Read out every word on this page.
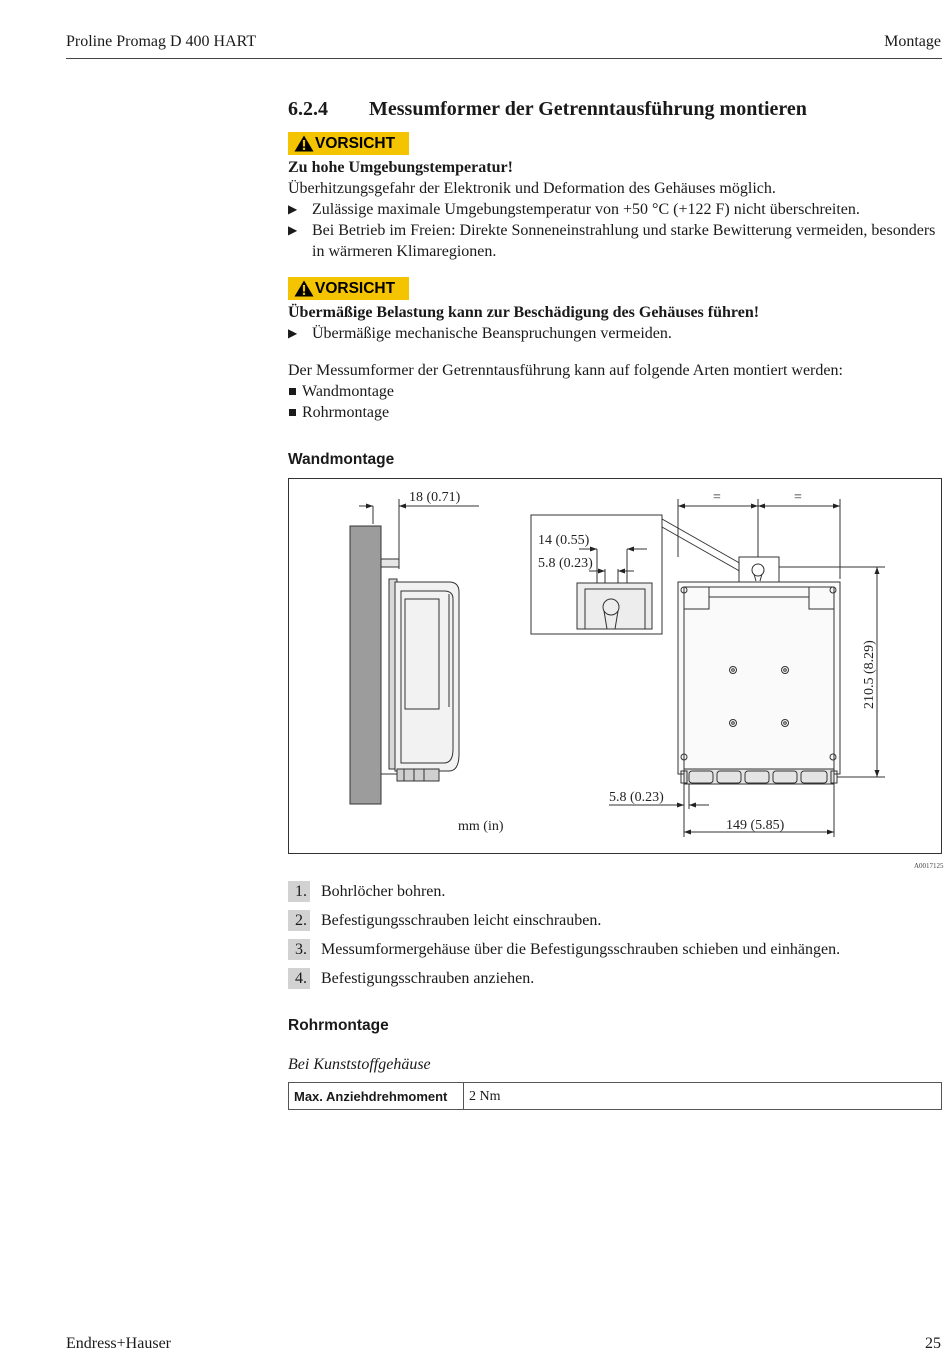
Proline Promag D 400 HART	Montage
6.2.4 Messumformer der Getrenntausführung montieren
VORSICHT
Zu hohe Umgebungstemperatur!
Überhitzungsgefahr der Elektronik und Deformation des Gehäuses möglich.
▶ Zulässige maximale Umgebungstemperatur von +50 °C (+122 F) nicht überschreiten.
▶ Bei Betrieb im Freien: Direkte Sonneneinstrahlung und starke Bewitterung vermeiden, besonders in wärmeren Klimaregionen.
VORSICHT
Übermäßige Belastung kann zur Beschädigung des Gehäuses führen!
▶ Übermäßige mechanische Beanspruchungen vermeiden.
Der Messumformer der Getrenntausführung kann auf folgende Arten montiert werden:
Wandmontage
Rohrmontage
Wandmontage
18 (0.71)
14 (0.55)
5.8 (0.23)
=	=
210.5 (8.29)
5.8 (0.23)
149 (5.85)
mm (in)
A0017125
1. Bohrlöcher bohren.
2. Befestigungsschrauben leicht einschrauben.
3. Messumformergehäuse über die Befestigungsschrauben schieben und einhängen.
4. Befestigungsschrauben anziehen.
Rohrmontage
Bei Kunststoffgehäuse
Max. Anziehdrehmoment	2 Nm
Endress+Hauser	25
